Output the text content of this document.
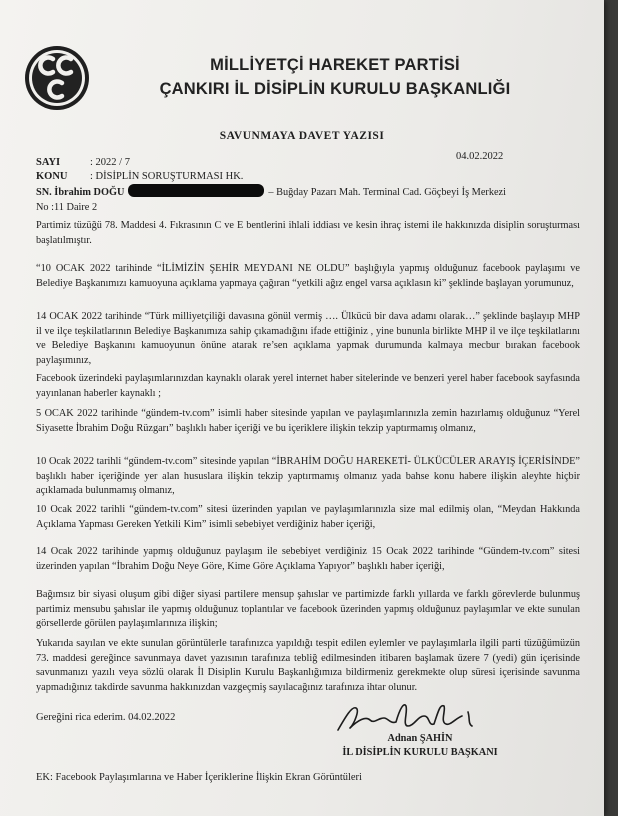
MİLLİYETÇİ HAREKET PARTİSİ
ÇANKIRI İL DİSİPLİN KURULU BAŞKANLIĞI
SAVUNMAYA DAVET YAZISI
04.02.2022
SAYI	: 2022 / 7
KONU : DİSİPLİN SORUŞTURMASI HK.
SN. İbrahim DOĞU	– Buğday Pazarı Mah. Terminal Cad. Göçbeyi İş Merkezi
No :11 Daire 2
Partimiz tüzüğü 78. Maddesi 4. Fıkrasının C ve E bentlerini ihlali iddiası ve kesin ihraç istemi ile hakkınızda disiplin soruşturması başlatılmıştır.
“10 OCAK 2022 tarihinde “İLİMİZİN ŞEHİR MEYDANI NE OLDU” başlığıyla yapmış olduğunuz facebook paylaşımı ve Belediye Başkanımızı kamuoyuna açıklama yapmaya çağıran “yetkili ağız engel varsa açıklasın ki” şeklinde başlayan yorumunuz,
14 OCAK 2022 tarihinde “Türk milliyetçiliği davasına gönül vermiş …. Ülkücü bir dava adamı olarak…” şeklinde başlayıp MHP il ve ilçe teşkilatlarının Belediye Başkanımıza sahip çıkamadığını ifade ettiğiniz , yine bununla birlikte MHP il ve ilçe teşkilatlarını ve Belediye Başkanını kamuoyunun önüne atarak re’sen açıklama yapmak durumunda kalmaya mecbur bırakan facebook paylaşımınız,
Facebook üzerindeki paylaşımlarınızdan kaynaklı olarak yerel internet haber sitelerinde ve benzeri yerel haber facebook sayfasında yayınlanan haberler kaynaklı ;
5 OCAK 2022 tarihinde “gündem-tv.com” isimli haber sitesinde yapılan ve paylaşımlarınızla zemin hazırlamış olduğunuz “Yerel Siyasette İbrahim Doğu Rüzgarı” başlıklı haber içeriği ve bu içeriklere ilişkin tekzip yaptırmamış olmanız,
10 Ocak 2022 tarihli “gündem-tv.com” sitesinde yapılan “İBRAHİM DOĞU HAREKETİ- ÜLKÜCÜLER ARAYIŞ İÇERİSİNDE” başlıklı haber içeriğinde yer alan hususlara ilişkin tekzip yaptırmamış olmanız yada bahse konu habere ilişkin aleyhte hiçbir açıklamada bulunmamış olmanız,
10 Ocak 2022 tarihli “gündem-tv.com” sitesi üzerinden yapılan ve paylaşımlarınızla size mal edilmiş olan, “Meydan Hakkında Açıklama Yapması Gereken Yetkili Kim” isimli sebebiyet verdiğiniz haber içeriği,
14 Ocak 2022 tarihinde yapmış olduğunuz paylaşım ile sebebiyet verdiğiniz 15 Ocak 2022 tarihinde “Gündem-tv.com” sitesi üzerinden yapılan “İbrahim Doğu Neye Göre, Kime Göre Açıklama Yapıyor” başlıklı haber içeriği,
Bağımsız bir siyasi oluşum gibi diğer siyasi partilere mensup şahıslar ve partimizde farklı yıllarda ve farklı görevlerde bulunmuş partimiz mensubu şahıslar ile yapmış olduğunuz toplantılar ve facebook üzerinden yapmış olduğunuz paylaşımlar ve ekte sunulan görsellerde görülen paylaşımlarınıza ilişkin;
Yukarıda sayılan ve ekte sunulan görüntülerle tarafınızca yapıldığı tespit edilen eylemler ve paylaşımlarla ilgili parti tüzüğümüzün 73. maddesi gereğince savunmaya davet yazısının tarafınıza tebliğ edilmesinden itibaren başlamak üzere 7 (yedi) gün içerisinde savunmanızı yazılı veya sözlü olarak İl Disiplin Kurulu Başkanlığımıza bildirmeniz gerekmekte olup süresi içerisinde savunma yapmadığınız takdirde savunma hakkınızdan vazgeçmiş sayılacağınız tarafınıza ihtar olunur.
Gereğini rica ederim. 04.02.2022
Adnan ŞAHİN
İL DİSİPLİN KURULU BAŞKANI
EK: Facebook Paylaşımlarına ve Haber İçeriklerine İlişkin Ekran Görüntüleri
